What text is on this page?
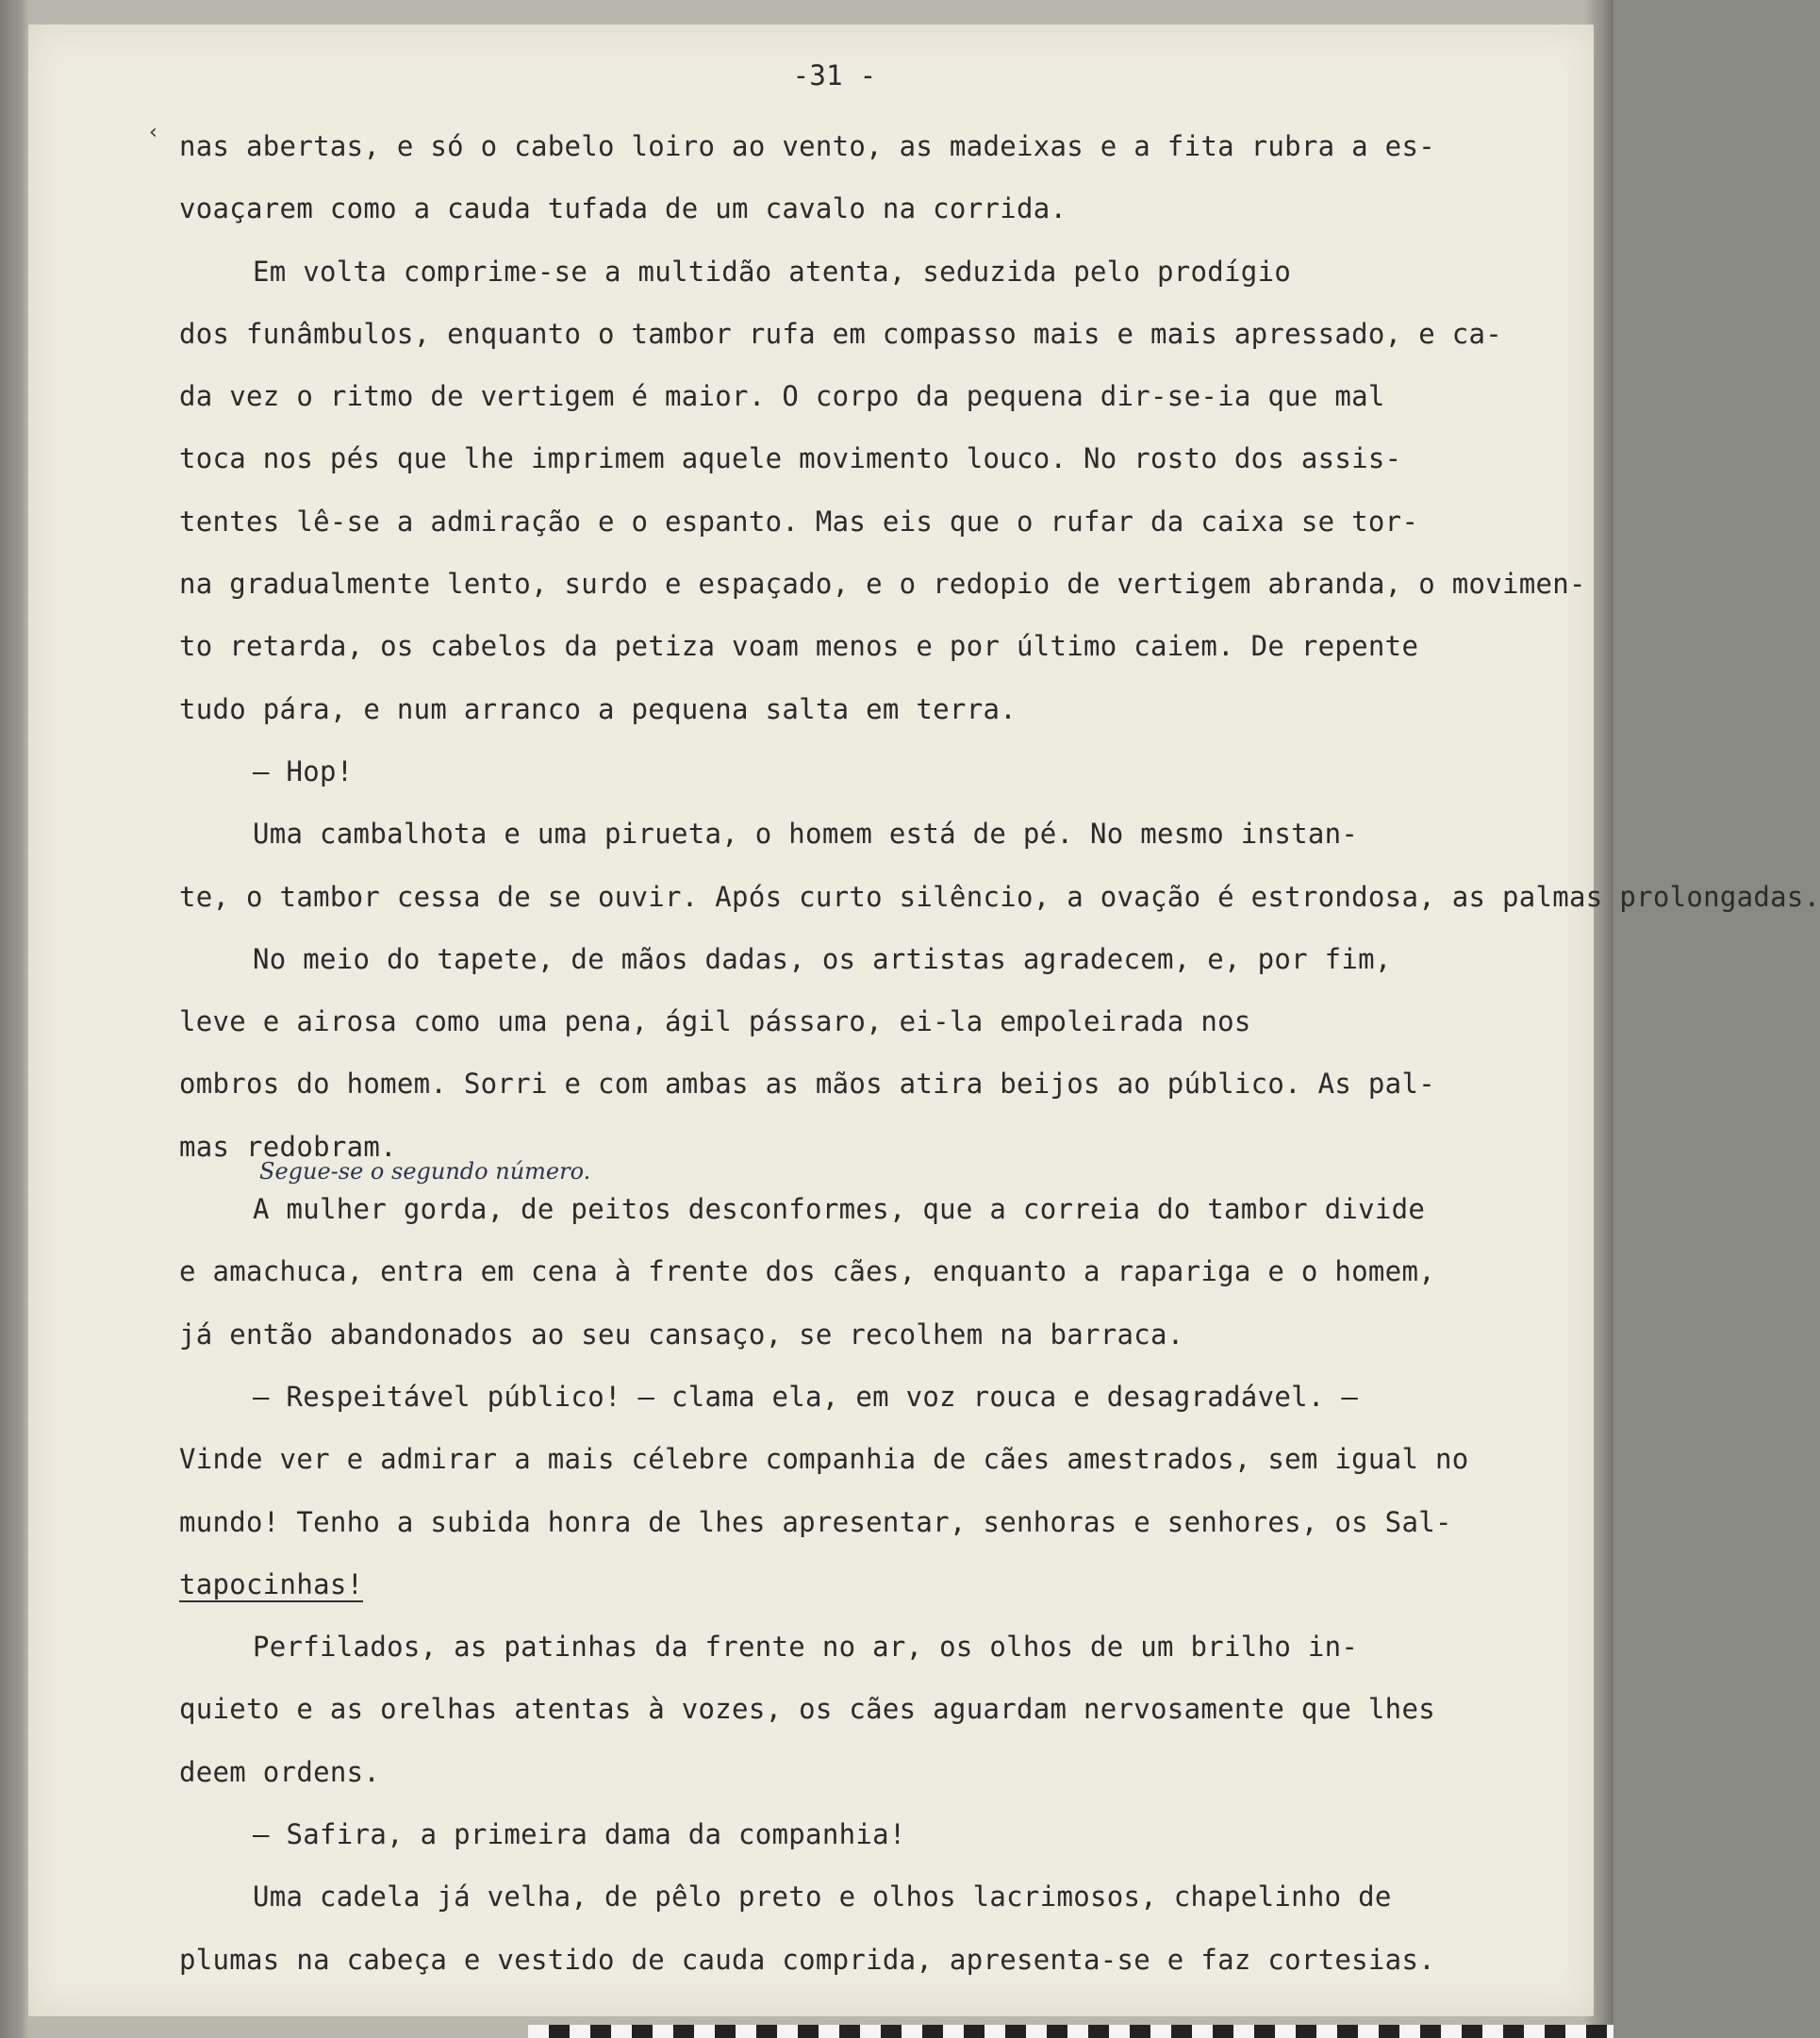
‹
-31 -
nas abertas, e só o cabelo loiro ao vento, as madeixas e a fita rubra a es-
voaçarem como a cauda tufada de um cavalo na corrida.
Em volta comprime-se a multidão atenta, seduzida pelo prodígio
dos funâmbulos, enquanto o tambor rufa em compasso mais e mais apressado, e ca-
da vez o ritmo de vertigem é maior. O corpo da pequena dir-se-ia que mal
toca nos pés que lhe imprimem aquele movimento louco. No rosto dos assis-
tentes lê-se a admiração e o espanto. Mas eis que o rufar da caixa se tor-
na gradualmente lento, surdo e espaçado, e o redopio de vertigem abranda, o movimen-
to retarda, os cabelos da petiza voam menos e por último caiem. De repente
tudo pára, e num arranco a pequena salta em terra.
— Hop!
Uma cambalhota e uma pirueta, o homem está de pé. No mesmo instan-
te, o tambor cessa de se ouvir. Após curto silêncio, a ovação é estrondosa, as palmas prolongadas.
No meio do tapete, de mãos dadas, os artistas agradecem, e, por fim,
leve e airosa como uma pena, ágil pássaro, ei-la empoleirada nos
ombros do homem. Sorri e com ambas as mãos atira beijos ao público. As pal-
mas redobram.
A mulher gorda, de peitos desconformes, que a correia do tambor divide
e amachuca, entra em cena à frente dos cães, enquanto a rapariga e o homem,
já então abandonados ao seu cansaço, se recolhem na barraca.
— Respeitável público! — clama ela, em voz rouca e desagradável. —
Vinde ver e admirar a mais célebre companhia de cães amestrados, sem igual no
mundo! Tenho a subida honra de lhes apresentar, senhoras e senhores, os Sal-
tapocinhas!
Perfilados, as patinhas da frente no ar, os olhos de um brilho in-
quieto e as orelhas atentas à vozes, os cães aguardam nervosamente que lhes
deem ordens.
— Safira, a primeira dama da companhia!
Uma cadela já velha, de pêlo preto e olhos lacrimosos, chapelinho de
plumas na cabeça e vestido de cauda comprida, apresenta-se e faz cortesias.
Segue-se o segundo número.
